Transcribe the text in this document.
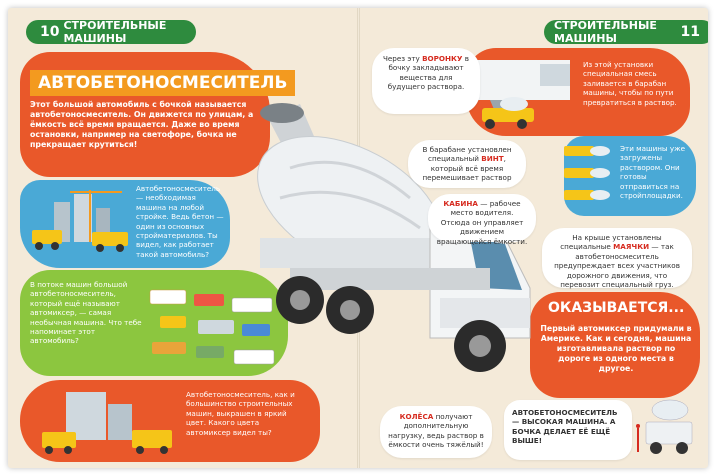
10 СТРОИТЕЛЬНЫЕ МАШИНЫ
АВТОБЕТОНОСМЕСИТЕЛЬ
Этот большой автомобиль с бочкой называется автобетоносмеситель. Он движется по улицам, а ёмкость всё время вращается. Даже во время остановки, например на светофоре, бочка не прекращает крутиться!
Автобетоносмеситель — необходимая машина на любой стройке. Ведь бетон — один из основных стройматериалов. Ты видел, как работает такой автомобиль?
В потоке машин большой автобетоносмеситель, который ещё называют автомиксер, — самая необычная машина. Что тебе напоминает этот автомобиль?
Автобетоносмеситель, как и большинство строительных машин, выкрашен в яркий цвет. Какого цвета автомиксер видел ты?
СТРОИТЕЛЬНЫЕ МАШИНЫ	11
Из этой установки специальная смесь заливается в барабан машины, чтобы по пути превратиться в раствор.
Эти машины уже загружены раствором. Они готовы отправиться на стройплощадки.
ОКАЗЫВАЕТСЯ...
Первый автомиксер придумали в Америке. Как и сегодня, машина изготавливала раствор по дороге из одного места в другое.
АВТОБЕТОНОСМЕСИТЕЛЬ — ВЫСОКАЯ МАШИНА. А БОЧКА ДЕЛАЕТ ЕЁ ЕЩЁ ВЫШЕ!
Через эту ВОРОНКУ в бочку закладывают вещества для будущего раствора.
В барабане установлен специальный ВИНТ, который всё время перемешивает раствор
КАБИНА — рабочее место водителя. Отсюда он управляет движением вращающейся ёмкости.	На крыше установлены специальные МАЯЧКИ — так автобетоносмеситель предупреждает всех участников дорожного движения, что перевозит специальный груз.
КОЛЁСА получают дополнительную нагрузку, ведь раствор в ёмкости очень тяжёлый!
